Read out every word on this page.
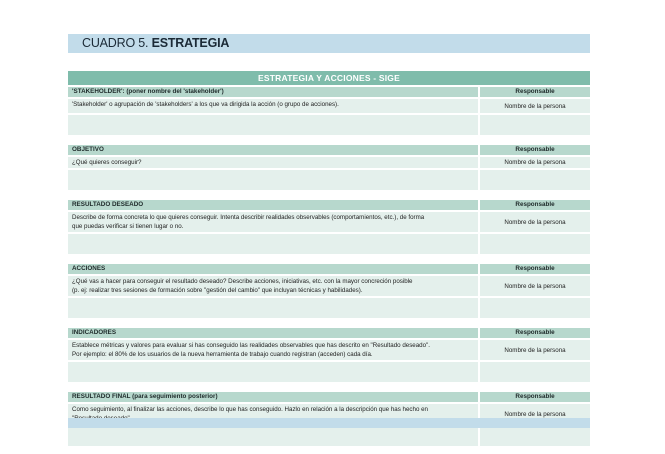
CUADRO 5. ESTRATEGIA
ESTRATEGIA Y ACCIONES - SIGE
'STAKEHOLDER': (poner nombre del 'stakeholder')	Responsable
'Stakeholder' o agrupación de 'stakeholders' a los que va dirigida la acción (o grupo de acciones).	Nombre de la persona
OBJETIVO	Responsable
¿Qué quieres conseguir?	Nombre de la persona
RESULTADO DESEADO	Responsable
Describe de forma concreta lo que quieres conseguir. Intenta describir realidades observables (comportamientos, etc.), de forma
que puedas verificar si tienen lugar o no.
Nombre de la persona
ACCIONES	Responsable
¿Qué vas a hacer para conseguir el resultado deseado? Describe acciones, iniciativas, etc. con la mayor concreción posible
(p. ej: realizar tres sesiones de formación sobre "gestión del cambio" que incluyan técnicas y habilidades).
Nombre de la persona
INDICADORES	Responsable
Establece métricas y valores para evaluar si has conseguido las realidades observables que has descrito en "Resultado deseado".
Por ejemplo: el 80% de los usuarios de la nueva herramienta de trabajo cuando registran (acceden) cada día.
Nombre de la persona
RESULTADO FINAL (para seguimiento posterior)	Responsable
Como seguimiento, al finalizar las acciones, describe lo que has conseguido. Hazlo en relación a la descripción que has hecho en
Nombre de la persona
